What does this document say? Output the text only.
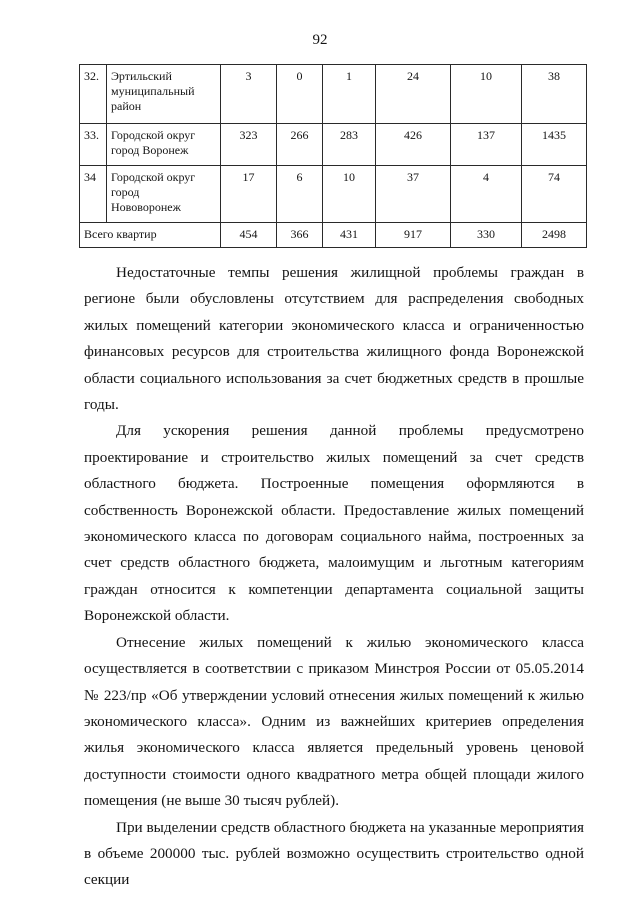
92
32.	Эртильский
муниципальный
район	3	0	1	24	10	38
33.	Городской округ
город Воронеж	323	266	283	426	137	1435
34	Городской округ
город
Нововоронеж	17	6	10	37	4	74
Всего квартир		454	366	431	917	330	2498

Недостаточные темпы решения жилищной проблемы граждан в регионе были обусловлены отсутствием для распределения свободных жилых помещений категории экономического класса и ограниченностью финансовых ресурсов для строительства жилищного фонда Воронежской области социального использования за счет бюджетных средств в прошлые годы.

Для ускорения решения данной проблемы предусмотрено проектирование и строительство жилых помещений за счет средств областного бюджета. Построенные помещения оформляются в собственность Воронежской области. Предоставление жилых помещений экономического класса по договорам социального найма, построенных за счет средств областного бюджета, малоимущим и льготным категориям граждан относится к компетенции департамента социальной защиты Воронежской области.

Отнесение жилых помещений к жилью экономического класса осуществляется в соответствии с приказом Минстроя России от 05.05.2014 № 223/пр «Об утверждении условий отнесения жилых помещений к жилью экономического класса». Одним из важнейших критериев определения жилья экономического класса является предельный уровень ценовой доступности стоимости одного квадратного метра общей площади жилого помещения (не выше 30 тысяч рублей).

При выделении средств областного бюджета на указанные мероприятия в объеме 200000 тыс. рублей возможно осуществить строительство одной секции
